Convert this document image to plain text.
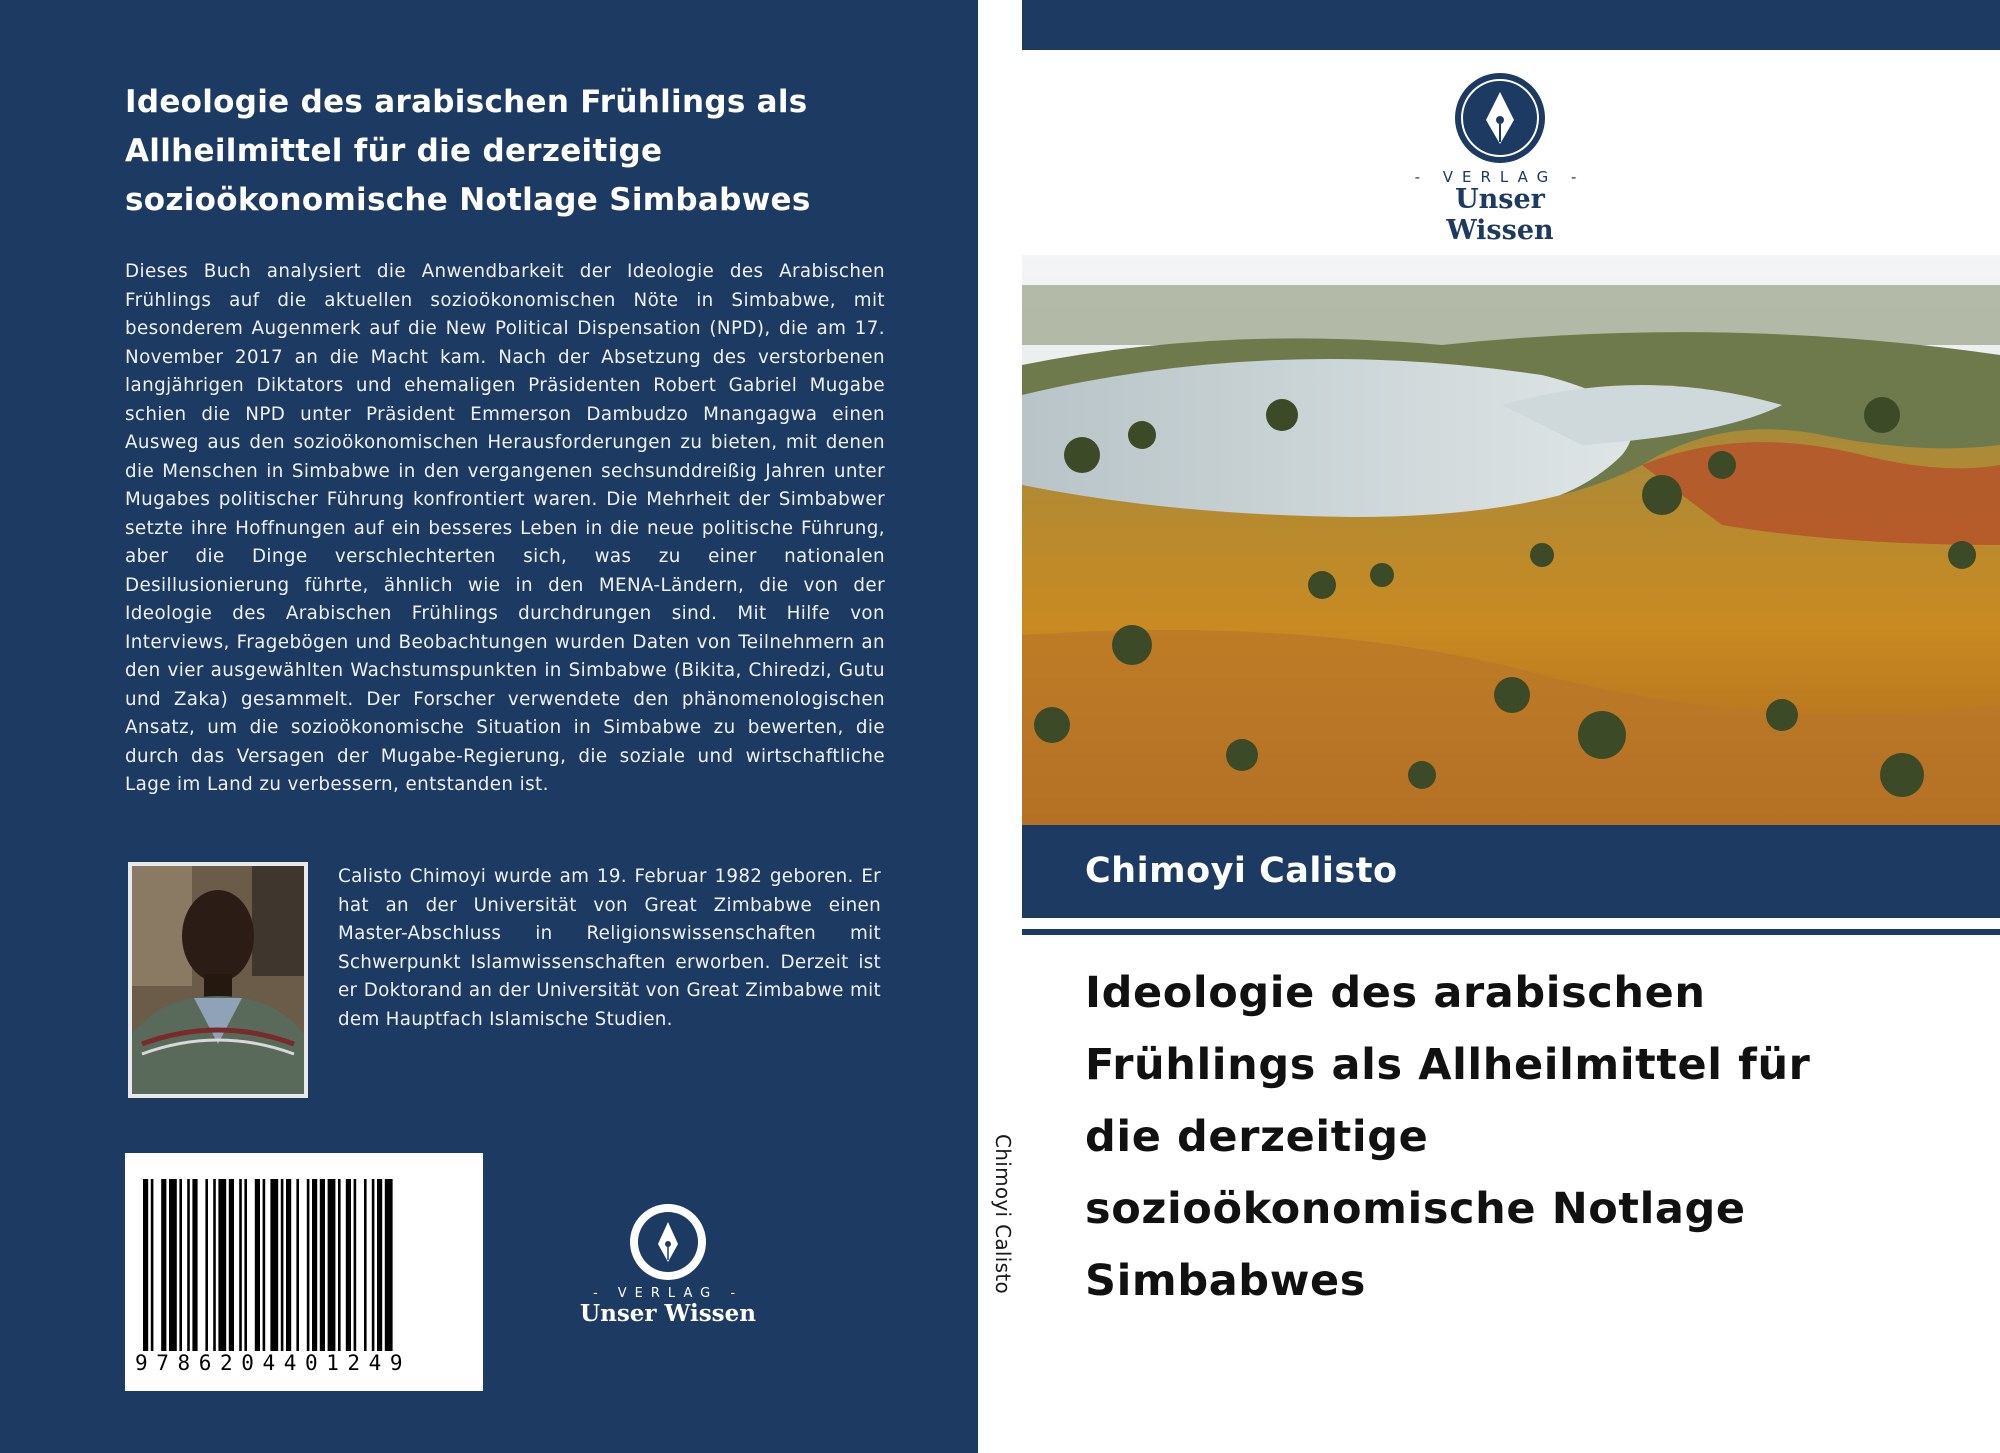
Ideologie des arabischen Frühlings als Allheilmittel für die derzeitige sozioökonomische Notlage Simbabwes
Dieses Buch analysiert die Anwendbarkeit der Ideologie des Arabischen Frühlings auf die aktuellen sozioökonomischen Nöte in Simbabwe, mit besonderem Augenmerk auf die New Political Dispensation (NPD), die am 17. November 2017 an die Macht kam. Nach der Absetzung des verstorbenen langjährigen Diktators und ehemaligen Präsidenten Robert Gabriel Mugabe schien die NPD unter Präsident Emmerson Dambudzo Mnangagwa einen Ausweg aus den sozioökonomischen Herausforderungen zu bieten, mit denen die Menschen in Simbabwe in den vergangenen sechsunddreißig Jahren unter Mugabes politischer Führung konfrontiert waren. Die Mehrheit der Simbabwer setzte ihre Hoffnungen auf ein besseres Leben in die neue politische Führung, aber die Dinge verschlechterten sich, was zu einer nationalen Desillusionierung führte, ähnlich wie in den MENA-Ländern, die von der Ideologie des Arabischen Frühlings durchdrungen sind. Mit Hilfe von Interviews, Fragebögen und Beobachtungen wurden Daten von Teilnehmern an den vier ausgewählten Wachstumspunkten in Simbabwe (Bikita, Chiredzi, Gutu und Zaka) gesammelt. Der Forscher verwendete den phänomenologischen Ansatz, um die sozioökonomische Situation in Simbabwe zu bewerten, die durch das Versagen der Mugabe-Regierung, die soziale und wirtschaftliche Lage im Land zu verbessern, entstanden ist.
Calisto Chimoyi wurde am 19. Februar 1982 geboren. Er hat an der Universität von Great Zimbabwe einen Master-Abschluss in Religionswissenschaften mit Schwerpunkt Islamwissenschaften erworben. Derzeit ist er Doktorand an der Universität von Great Zimbabwe mit dem Hauptfach Islamische Studien.
9786204401249
- VERLAG -
Unser Wissen
Chimoyi Calisto
- VERLAG -
Unser Wissen
Chimoyi Calisto
Ideologie des arabischen
Frühlings als Allheilmittel für
die derzeitige
sozioökonomische Notlage
Simbabwes
